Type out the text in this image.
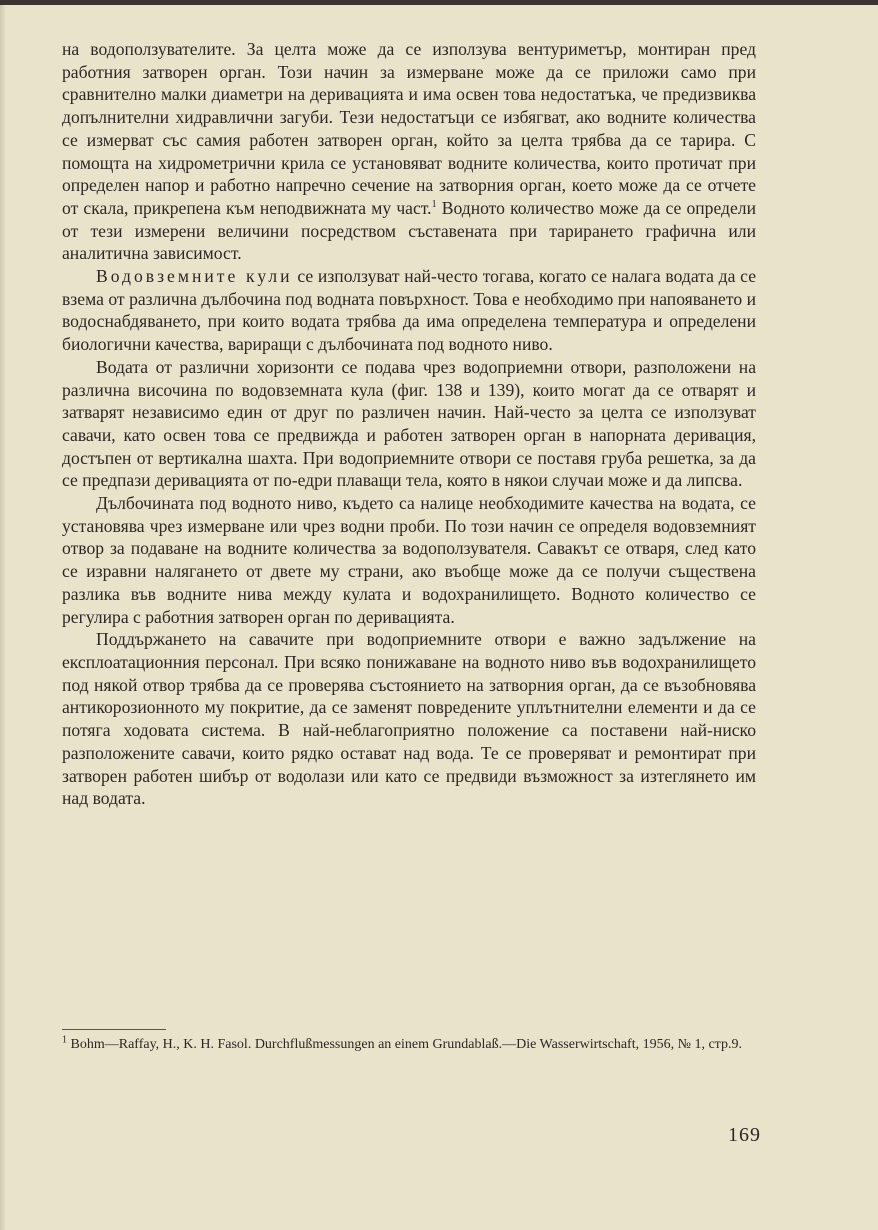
на водоползувателите. За целта може да се използува вентуриметър, монтиран пред работния затворен орган. Този начин за измерване може да се приложи само при сравнително малки диаметри на деривацията и има освен това недостатъка, че предизвиква допълнителни хидравлични загуби. Тези недостатъци се избягват, ако водните количества се измерват със самия работен затворен орган, който за целта трябва да се тарира. С помощта на хидрометрични крила се установяват водните количества, които протичат при определен напор и работно напречно сечение на затворния орган, което може да се отчете от скала, прикрепена към неподвижната му част.$^1$ Водното количество може да се определи от тези измерени величини посредством съставената при тарирането графична или аналитична зависимост.

Водовземните кули се използуват най-често тогава, когато се налага водата да се взема от различна дълбочина под водната повърхност. Това е необходимо при напояването и водоснабдяването, при които водата трябва да има определена температура и определени биологични качества, вариращи с дълбочината под водното ниво.

Водата от различни хоризонти се подава чрез водоприемни отвори, разположени на различна височина по водовземната кула (фиг. 138 и 139), които могат да се отварят и затварят независимо един от друг по различен начин. Най-често за целта се използуват савачи, като освен това се предвижда и работен затворен орган в напорната деривация, достъпен от вертикална шахта. При водоприемните отвори се поставя груба решетка, за да се предпази деривацията от по-едри плаващи тела, която в някои случаи може и да липсва.

Дълбочината под водното ниво, където са налице необходимите качества на водата, се установява чрез измерване или чрез водни проби. По този начин се определя водовземният отвор за подаване на водните количества за водоползувателя. Савакът се отваря, след като се изравни налягането от двете му страни, ако въобще може да се получи съществена разлика във водните нива между кулата и водохранилището. Водното количество се регулира с работния затворен орган по деривацията.

Поддържането на савачите при водоприемните отвори е важно задължение на експлоатационния персонал. При всяко понижаване на водното ниво във водохранилището под някой отвор трябва да се проверява състоянието на затворния орган, да се възобновява антикорозионното му покритие, да се заменят повредените уплътнителни елементи и да се потяга ходовата система. В най-неблагоприятно положение са поставени най-ниско разположените савачи, които рядко остават над вода. Те се проверяват и ремонтират при затворен работен шибър от водолази или като се предвиди възможност за изтеглянето им над водата.

$^1$ Bohm—Raffay, H., K. H. Fasol. Durchflußmessungen an einem Grundablaß.—Die Wasserwirtschaft, 1956, № 1, стр.9.

169
